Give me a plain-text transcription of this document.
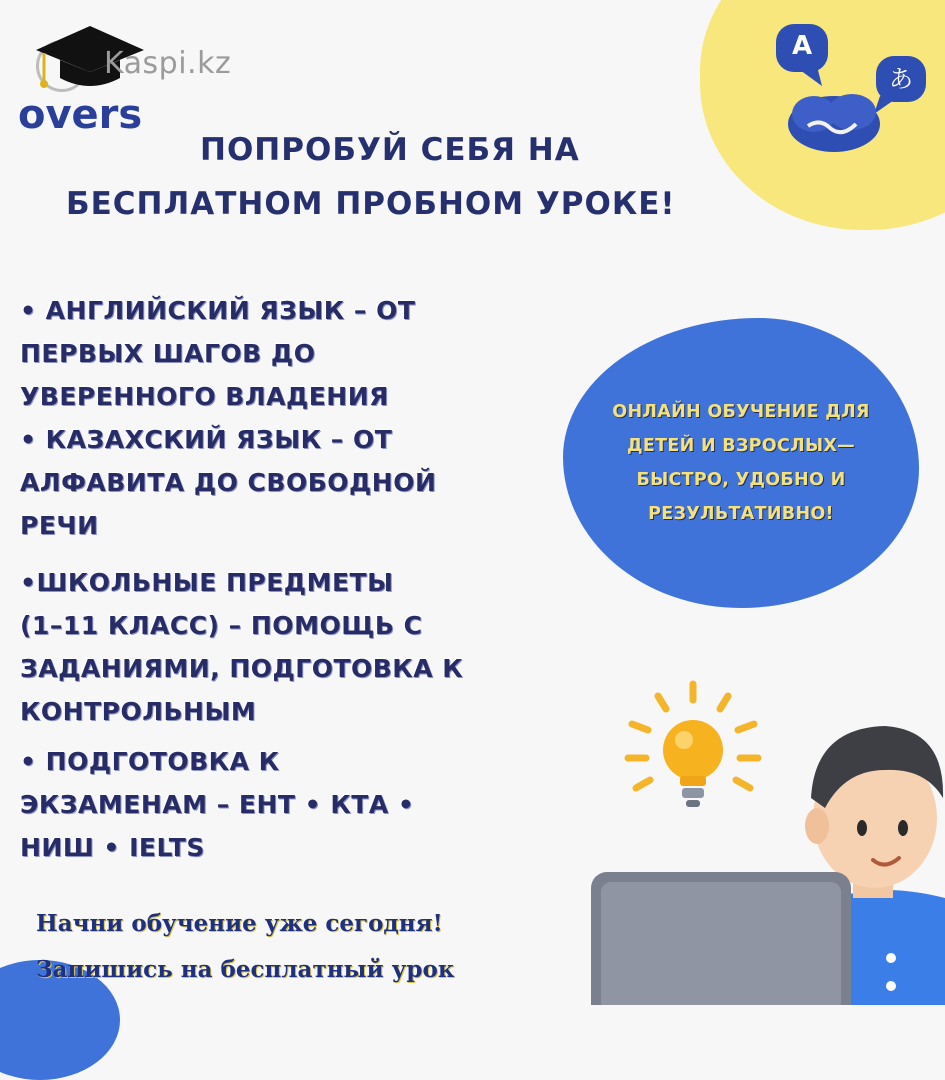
Kaspi.kz
overs
A
あ
ПОПРОБУЙ СЕБЯ НА
БЕСПЛАТНОМ ПРОБНОМ УРОКЕ!
• АНГЛИЙСКИЙ ЯЗЫК – ОТ
ПЕРВЫХ ШАГОВ ДО
УВЕРЕННОГО ВЛАДЕНИЯ
• КАЗАХСКИЙ ЯЗЫК – ОТ
АЛФАВИТА ДО СВОБОДНОЙ
РЕЧИ
•ШКОЛЬНЫЕ ПРЕДМЕТЫ
(1–11 КЛАСС) – ПОМОЩЬ С
ЗАДАНИЯМИ, ПОДГОТОВКА К
КОНТРОЛЬНЫМ
• ПОДГОТОВКА К
ЭКЗАМЕНАМ – ЕНТ • КТА •
НИШ • IELTS
ОНЛАЙН ОБУЧЕНИЕ ДЛЯ
ДЕТЕЙ И ВЗРОСЛЫХ—
БЫСТРО, УДОБНО И
РЕЗУЛЬТАТИВНО!
Начни обучение уже сегодня!
Запишись на бесплатный урок
